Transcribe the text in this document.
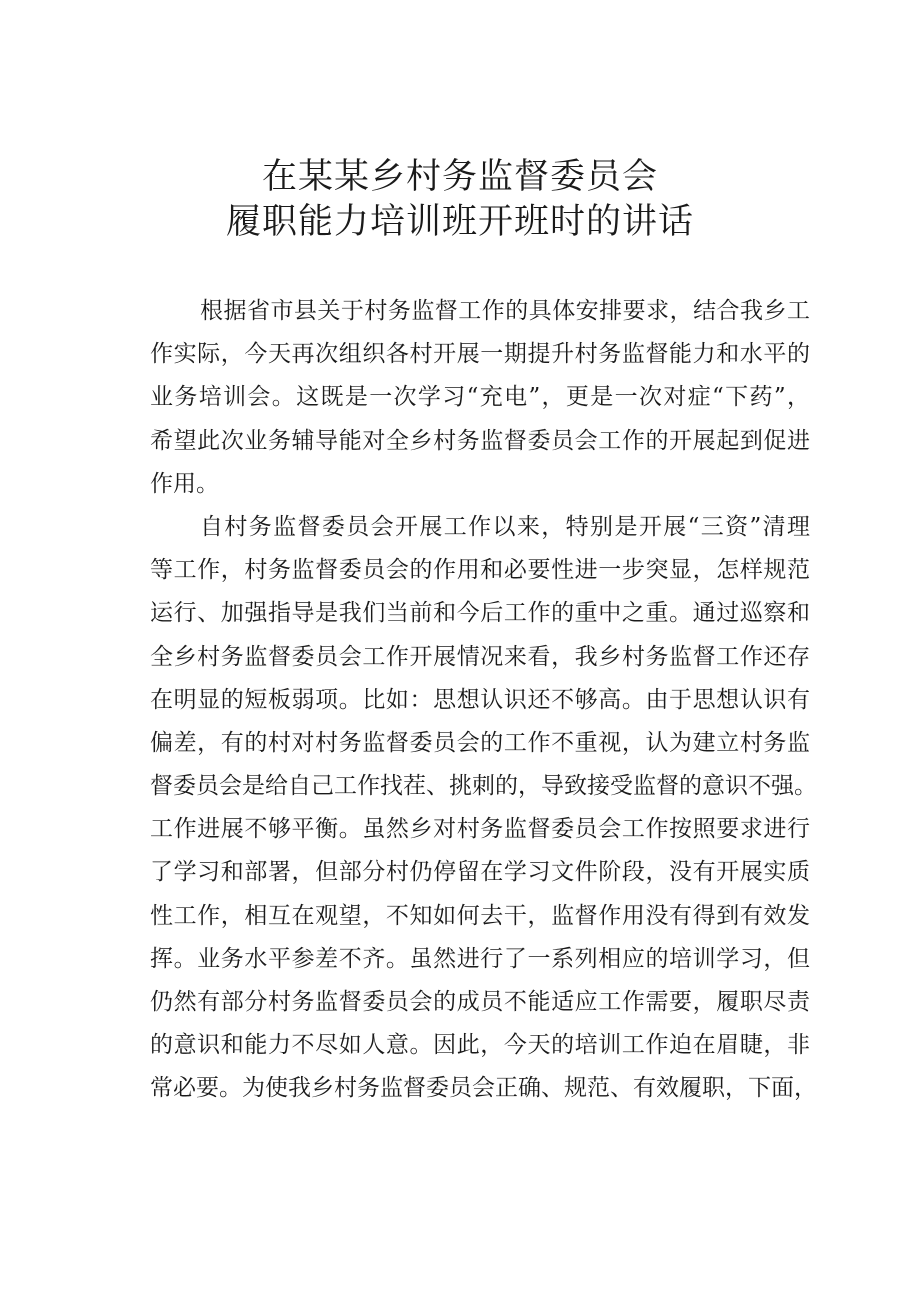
在某某乡村务监督委员会
履职能力培训班开班时的讲话
根据省市县关于村务监督工作的具体安排要求，结合我乡工
作实际，今天再次组织各村开展一期提升村务监督能力和水平的
业务培训会。这既是一次学习“充电”，更是一次对症“下药”，
希望此次业务辅导能对全乡村务监督委员会工作的开展起到促进
作用。
自村务监督委员会开展工作以来，特别是开展“三资”清理
等工作，村务监督委员会的作用和必要性进一步突显，怎样规范
运行、加强指导是我们当前和今后工作的重中之重。通过巡察和
全乡村务监督委员会工作开展情况来看，我乡村务监督工作还存
在明显的短板弱项。比如：思想认识还不够高。由于思想认识有
偏差，有的村对村务监督委员会的工作不重视，认为建立村务监
督委员会是给自己工作找茬、挑刺的，导致接受监督的意识不强。
工作进展不够平衡。虽然乡对村务监督委员会工作按照要求进行
了学习和部署，但部分村仍停留在学习文件阶段，没有开展实质
性工作，相互在观望，不知如何去干，监督作用没有得到有效发
挥。业务水平参差不齐。虽然进行了一系列相应的培训学习，但
仍然有部分村务监督委员会的成员不能适应工作需要，履职尽责
的意识和能力不尽如人意。因此，今天的培训工作迫在眉睫，非
常必要。为使我乡村务监督委员会正确、规范、有效履职，下面，
